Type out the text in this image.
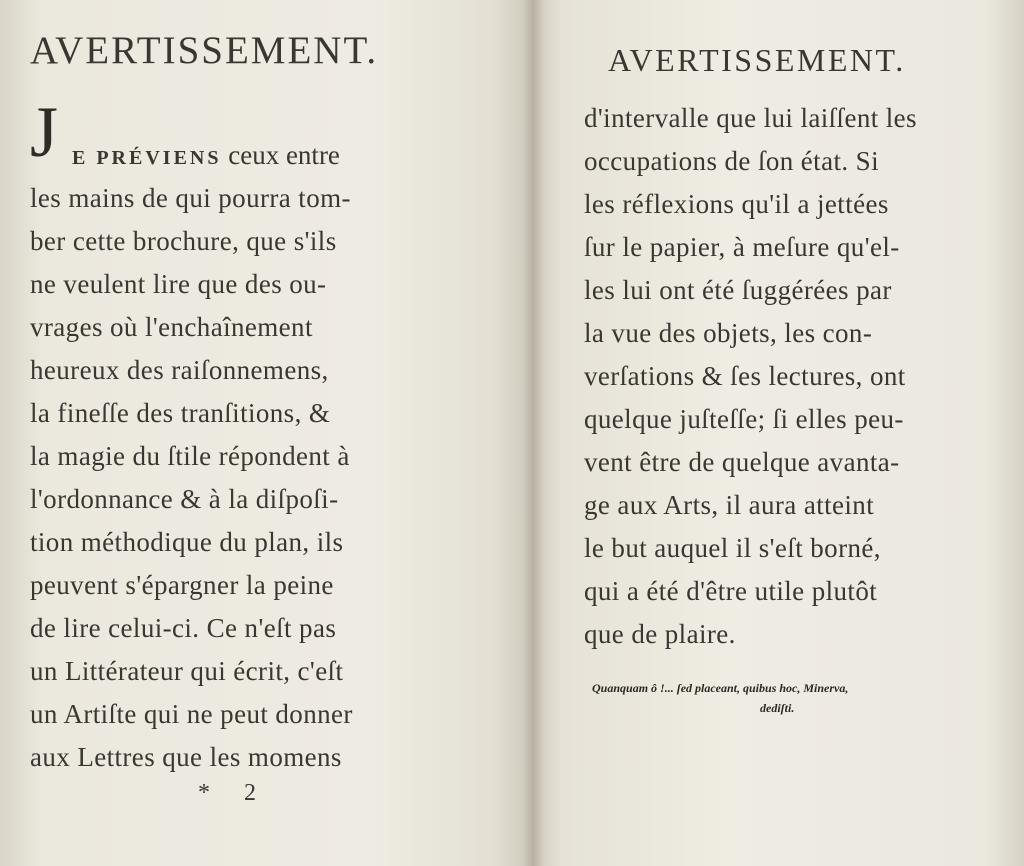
AVERTISSEMENT.
J E PRÉVIENS ceux entre
les mains de qui pourra tom-
ber cette brochure, que s'ils
ne veulent lire que des ou-
vrages où l'enchaînement
heureux des raiſonnemens,
la fineſſe des tranſitions, &
la magie du ſtile répondent à
l'ordonnance & à la diſpoſi-
tion méthodique du plan, ils
peuvent s'épargner la peine
de lire celui-ci. Ce n'eſt pas
un Littérateur qui écrit, c'eſt
un Artiſte qui ne peut donner
aux Lettres que les momens
* 2
AVERTISSEMENT.
d'intervalle que lui laiſſent les
occupations de ſon état. Si
les réflexions qu'il a jettées
ſur le papier, à meſure qu'el-
les lui ont été ſuggérées par
la vue des objets, les con-
verſations & ſes lectures, ont
quelque juſteſſe; ſi elles peu-
vent être de quelque avanta-
ge aux Arts, il aura atteint
le but auquel il s'eſt borné,
qui a été d'être utile plutôt
que de plaire.
Quanquam ô !... ſed placeant, quibus hoc, Minerva,
dediſti.
